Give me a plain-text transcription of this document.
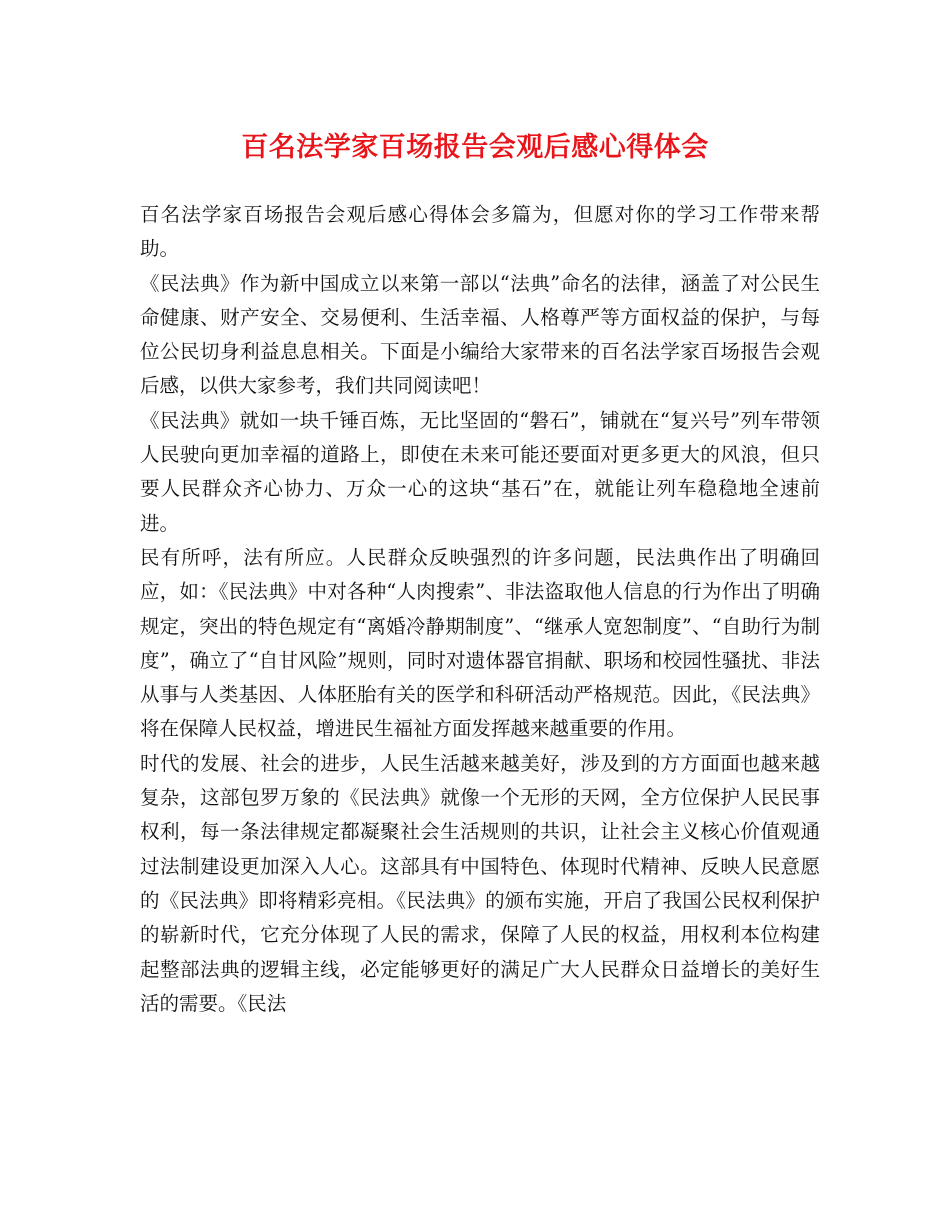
百名法学家百场报告会观后感心得体会

百名法学家百场报告会观后感心得体会多篇为，但愿对你的学习工作带来帮助。

《民法典》作为新中国成立以来第一部以“法典”命名的法律，涵盖了对公民生命健康、财产安全、交易便利、生活幸福、人格尊严等方面权益的保护，与每位公民切身利益息息相关。下面是小编给大家带来的百名法学家百场报告会观后感，以供大家参考，我们共同阅读吧！

《民法典》就如一块千锤百炼，无比坚固的“磐石”，铺就在“复兴号”列车带领人民驶向更加幸福的道路上，即使在未来可能还要面对更多更大的风浪，但只要人民群众齐心协力、万众一心的这块“基石”在，就能让列车稳稳地全速前进。

民有所呼，法有所应。人民群众反映强烈的许多问题，民法典作出了明确回应，如：《民法典》中对各种“人肉搜索”、非法盗取他人信息的行为作出了明确规定，突出的特色规定有“离婚冷静期制度”、“继承人宽恕制度”、“自助行为制度”，确立了“自甘风险”规则，同时对遗体器官捐献、职场和校园性骚扰、非法从事与人类基因、人体胚胎有关的医学和科研活动严格规范。因此，《民法典》将在保障人民权益，增进民生福祉方面发挥越来越重要的作用。

时代的发展、社会的进步，人民生活越来越美好，涉及到的方方面面也越来越复杂，这部包罗万象的《民法典》就像一个无形的天网，全方位保护人民民事权利，每一条法律规定都凝聚社会生活规则的共识，让社会主义核心价值观通过法制建设更加深入人心。这部具有中国特色、体现时代精神、反映人民意愿的《民法典》即将精彩亮相。《民法典》的颁布实施，开启了我国公民权利保护的崭新时代，它充分体现了人民的需求，保障了人民的权益，用权利本位构建起整部法典的逻辑主线，必定能够更好的满足广大人民群众日益增长的美好生活的需要。《民法
